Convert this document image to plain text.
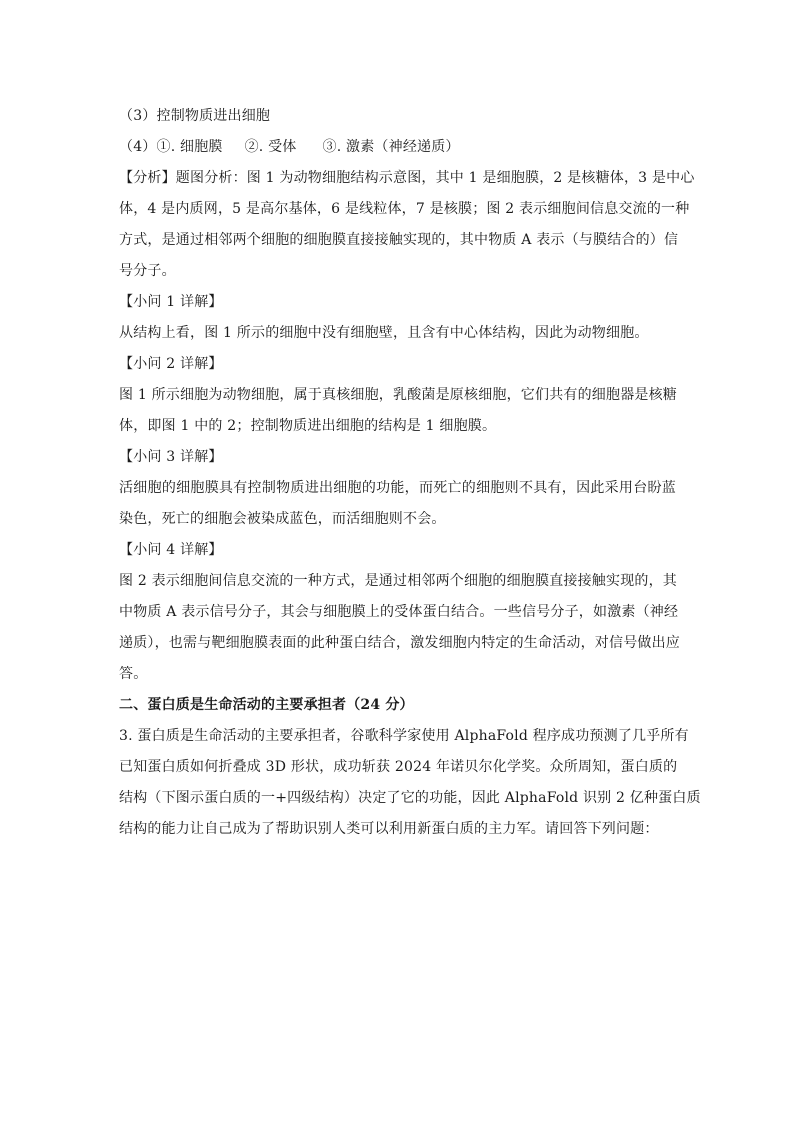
（3）控制物质进出细胞
（4）①. 细胞膜 ②. 受体 ③. 激素（神经递质）
【分析】题图分析：图 1 为动物细胞结构示意图，其中 1 是细胞膜，2 是核糖体，3 是中心
体，4 是内质网，5 是高尔基体，6 是线粒体，7 是核膜；图 2 表示细胞间信息交流的一种
方式，是通过相邻两个细胞的细胞膜直接接触实现的，其中物质 A 表示（与膜结合的）信
号分子。
【小问 1 详解】
从结构上看，图 1 所示的细胞中没有细胞壁，且含有中心体结构，因此为动物细胞。
【小问 2 详解】
图 1 所示细胞为动物细胞，属于真核细胞，乳酸菌是原核细胞，它们共有的细胞器是核糖
体，即图 1 中的 2；控制物质进出细胞的结构是 1 细胞膜。
【小问 3 详解】
活细胞的细胞膜具有控制物质进出细胞的功能，而死亡的细胞则不具有，因此采用台盼蓝
染色，死亡的细胞会被染成蓝色，而活细胞则不会。
【小问 4 详解】
图 2 表示细胞间信息交流的一种方式，是通过相邻两个细胞的细胞膜直接接触实现的，其
中物质 A 表示信号分子，其会与细胞膜上的受体蛋白结合。一些信号分子，如激素（神经
递质），也需与靶细胞膜表面的此种蛋白结合，激发细胞内特定的生命活动，对信号做出应
答。
二、蛋白质是生命活动的主要承担者（24 分）
3. 蛋白质是生命活动的主要承担者，谷歌科学家使用 AlphaFold 程序成功预测了几乎所有
已知蛋白质如何折叠成 3D 形状，成功斩获 2024 年诺贝尔化学奖。众所周知，蛋白质的
结构（下图示蛋白质的一+四级结构）决定了它的功能，因此 AlphaFold 识别 2 亿种蛋白质
结构的能力让自己成为了帮助识别人类可以利用新蛋白质的主力军。请回答下列问题：
